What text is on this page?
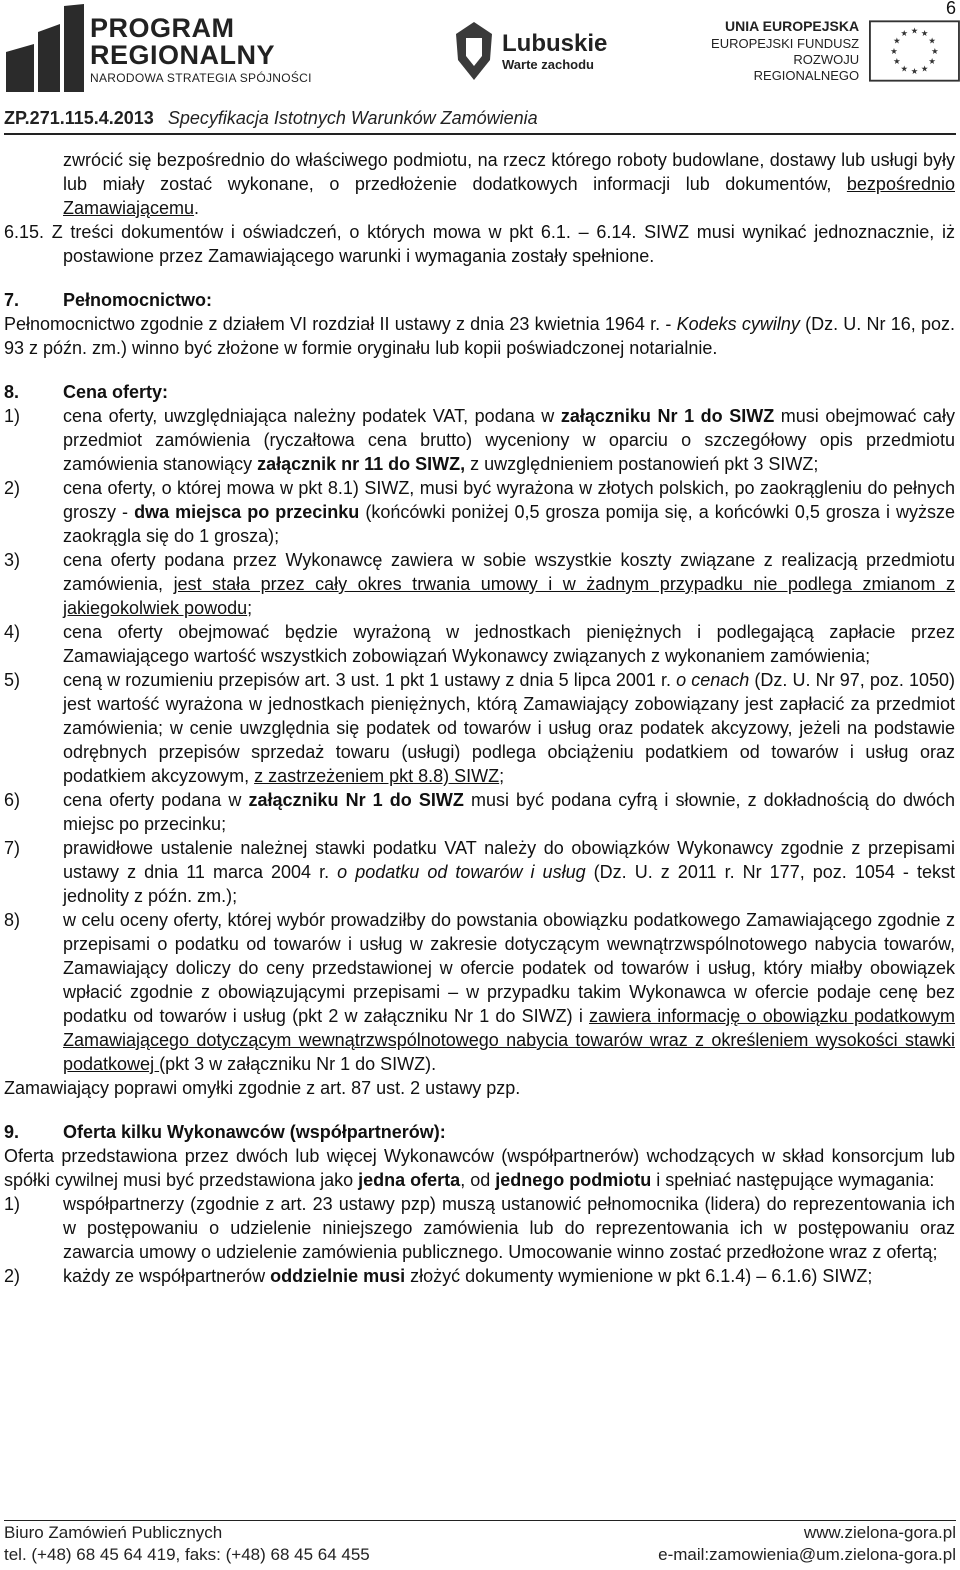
6
PROGRAM
REGIONALNY
NARODOWA STRATEGIA SPÓJNOŚCI
Lubuskie
Warte zachodu
UNIA EUROPEJSKA
EUROPEJSKI FUNDUSZ
ROZWOJU REGIONALNEGO
★ ★
★
★
★
★
★
★
★
★
★
★
ZP.271.115.4.2013 Specyfikacja Istotnych Warunków Zamówienia

zwrócić się bezpośrednio do właściwego podmiotu, na rzecz którego roboty budowlane, dostawy lub usługi były lub miały zostać wykonane, o przedłożenie dodatkowych informacji lub dokumentów, bezpośrednio Zamawiającemu.

6.15. Z treści dokumentów i oświadczeń, o których mowa w pkt 6.1. – 6.14. SIWZ musi wynikać jednoznacznie, iż postawione przez Zamawiającego warunki i wymagania zostały spełnione.

7.	Pełnomocnictwo:

Pełnomocnictwo zgodnie z działem VI rozdział II ustawy z dnia 23 kwietnia 1964 r. - Kodeks cywilny (Dz. U. Nr 16, poz. 93 z późn. zm.) winno być złożone w formie oryginału lub kopii poświadczonej notarialnie.

8.	Cena oferty:
1)	cena oferty, uwzględniająca należny podatek VAT, podana w załączniku Nr 1 do SIWZ musi obejmować cały przedmiot zamówienia (ryczałtowa cena brutto) wyceniony w oparciu o szczegółowy opis przedmiotu zamówienia stanowiący załącznik nr 11 do SIWZ, z uwzględnieniem postanowień pkt 3 SIWZ;
2)	cena oferty, o której mowa w pkt 8.1) SIWZ, musi być wyrażona w złotych polskich, po zaokrągleniu do pełnych groszy - dwa miejsca po przecinku (końcówki poniżej 0,5 grosza pomija się, a końcówki 0,5 grosza i wyższe zaokrągla się do 1 grosza);
3)	cena oferty podana przez Wykonawcę zawiera w sobie wszystkie koszty związane z realizacją przedmiotu zamówienia, jest stała przez cały okres trwania umowy i w żadnym przypadku nie podlega zmianom z jakiegokolwiek powodu;
4)	cena oferty obejmować będzie wyrażoną w jednostkach pieniężnych i podlegającą zapłacie przez Zamawiającego wartość wszystkich zobowiązań Wykonawcy związanych z wykonaniem zamówienia;
5)	ceną w rozumieniu przepisów art. 3 ust. 1 pkt 1 ustawy z dnia 5 lipca 2001 r. o cenach (Dz. U. Nr 97, poz. 1050) jest wartość wyrażona w jednostkach pieniężnych, którą Zamawiający zobowiązany jest zapłacić za przedmiot zamówienia; w cenie uwzględnia się podatek od towarów i usług oraz podatek akcyzowy, jeżeli na podstawie odrębnych przepisów sprzedaż towaru (usługi) podlega obciążeniu podatkiem od towarów i usług oraz podatkiem akcyzowym, z zastrzeżeniem pkt 8.8) SIWZ;
6)	cena oferty podana w załączniku Nr 1 do SIWZ musi być podana cyfrą i słownie, z dokładnością do dwóch miejsc po przecinku;
7)	prawidłowe ustalenie należnej stawki podatku VAT należy do obowiązków Wykonawcy zgodnie z przepisami ustawy z dnia 11 marca 2004 r. o podatku od towarów i usług (Dz. U. z 2011 r. Nr 177, poz. 1054 - tekst jednolity z późn. zm.);
8)	w celu oceny oferty, której wybór prowadziłby do powstania obowiązku podatkowego Zamawiającego zgodnie z przepisami o podatku od towarów i usług w zakresie dotyczącym wewnątrzwspólnotowego nabycia towarów, Zamawiający doliczy do ceny przedstawionej w ofercie podatek od towarów i usług, który miałby obowiązek wpłacić zgodnie z obowiązującymi przepisami – w przypadku takim Wykonawca w ofercie podaje cenę bez podatku od towarów i usług (pkt 2 w załączniku Nr 1 do SIWZ) i zawiera informację o obowiązku podatkowym Zamawiającego dotyczącym wewnątrzwspólnotowego nabycia towarów wraz z określeniem wysokości stawki podatkowej (pkt 3 w załączniku Nr 1 do SIWZ).

Zamawiający poprawi omyłki zgodnie z art. 87 ust. 2 ustawy pzp.

9.	Oferta kilku Wykonawców (współpartnerów):

Oferta przedstawiona przez dwóch lub więcej Wykonawców (współpartnerów) wchodzących w skład konsorcjum lub spółki cywilnej musi być przedstawiona jako jedna oferta, od jednego podmiotu i spełniać następujące wymagania:

1)	współpartnerzy (zgodnie z art. 23 ustawy pzp) muszą ustanowić pełnomocnika (lidera) do reprezentowania ich w postępowaniu o udzielenie niniejszego zamówienia lub do reprezentowania ich w postępowaniu oraz zawarcia umowy o udzielenie zamówienia publicznego. Umocowanie winno zostać przedłożone wraz z ofertą;
2)	każdy ze współpartnerów oddzielnie musi złożyć dokumenty wymienione w pkt 6.1.4) – 6.1.6) SIWZ;
Biuro Zamówień Publicznych	www.zielona-gora.pl
tel. (+48) 68 45 64 419, faks: (+48) 68 45 64 455	e-mail:zamowienia@um.zielona-gora.pl
